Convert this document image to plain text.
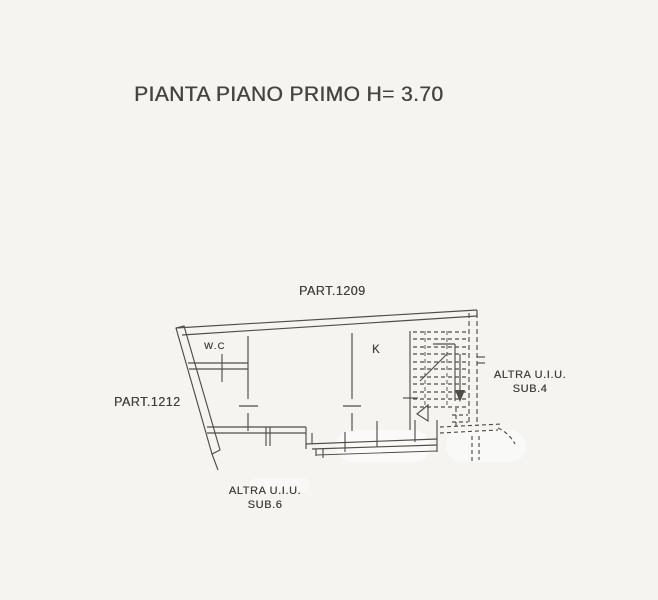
PIANTA PIANO PRIMO H= 3.70
PART.1209
PART.1212
ALTRA U.I.U.
SUB.4
ALTRA U.I.U.
SUB.6
W.C	K
